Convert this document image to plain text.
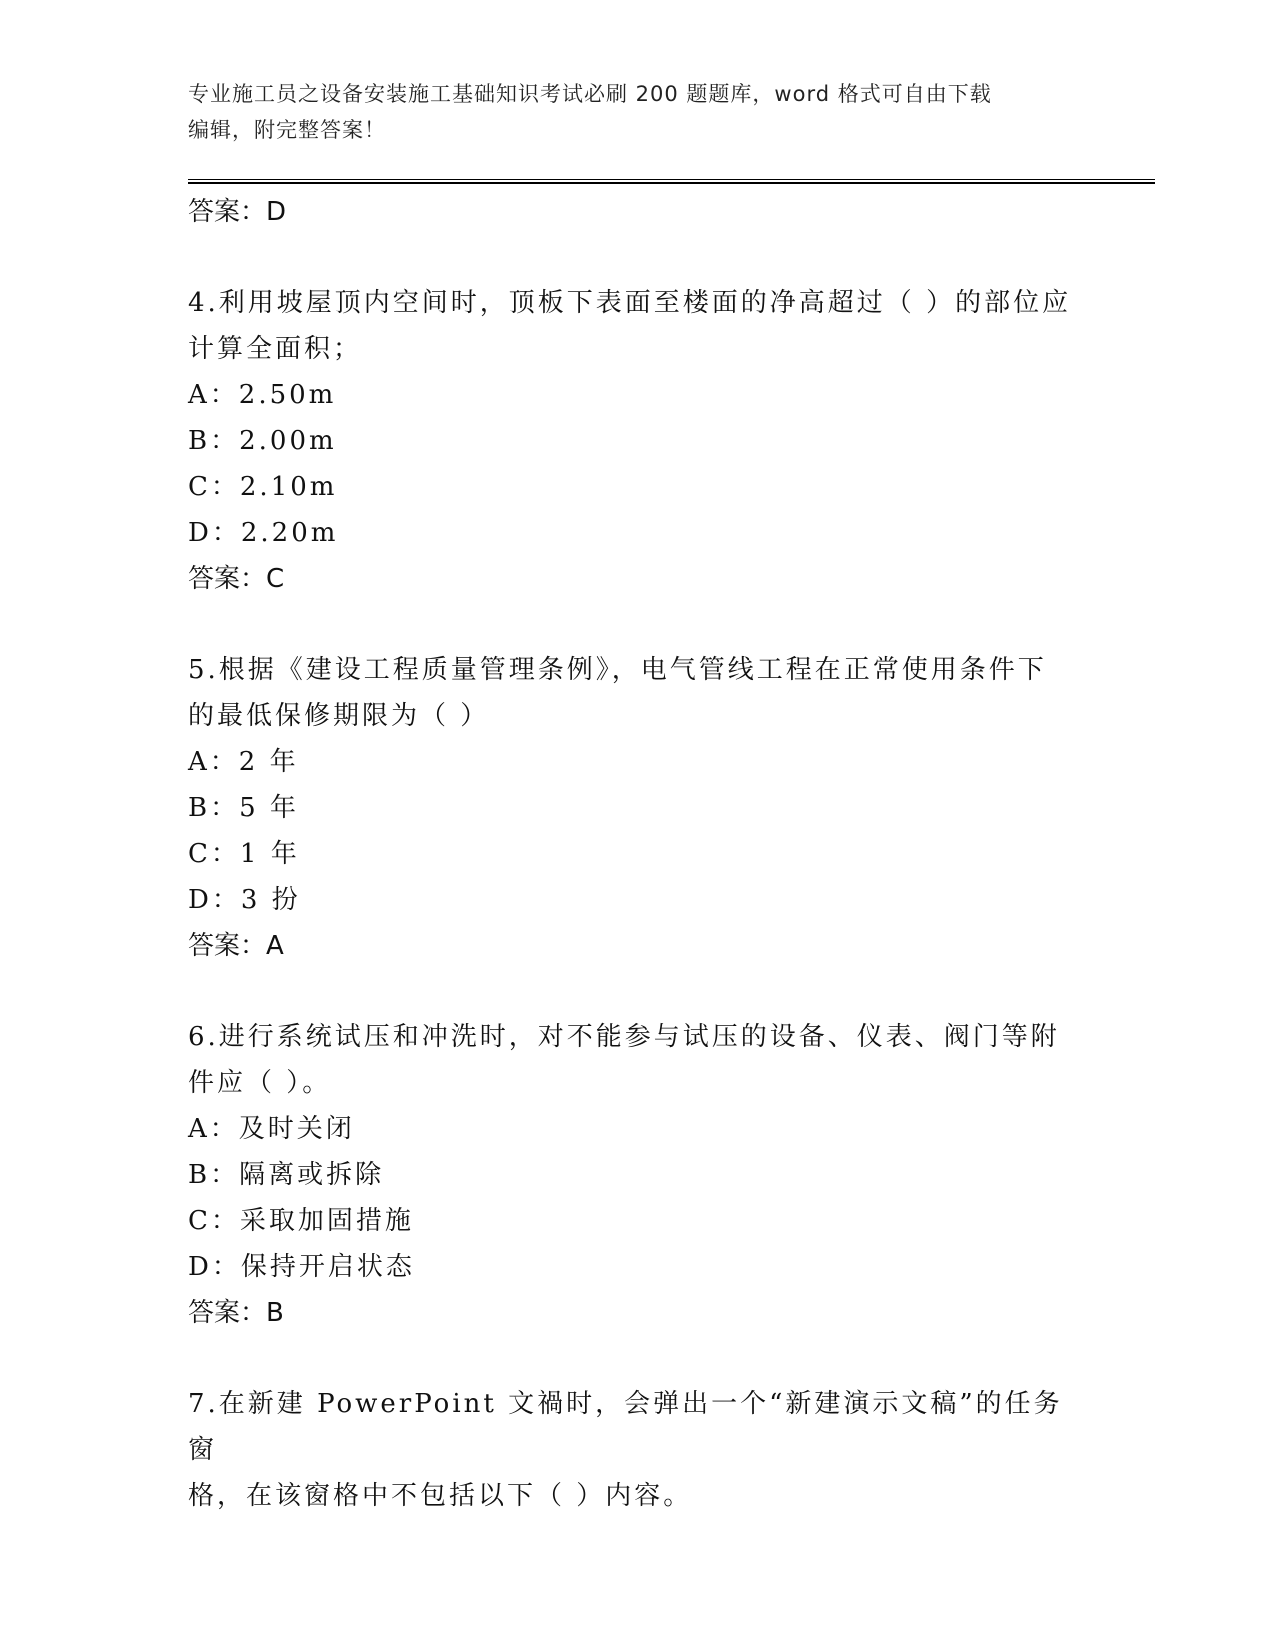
专业施工员之设备安装施工基础知识考试必刷 200 题题库，word 格式可自由下载
编辑，附完整答案！

答案：D

4.利用坡屋顶内空间时，顶板下表面至楼面的净高超过（ ）的部位应

计算全面积；

A：2.50m

B：2.00m

C：2.10m

D：2.20m

答案：C

5.根据《建设工程质量管理条例》，电气管线工程在正常使用条件下

的最低保修期限为（ ）

A：2 年

B：5 年

C：1 年

D：3 扮

答案：A

6.进行系统试压和冲洗时，对不能参与试压的设备、仪表、阀门等附

件应（ ）。

A：及时关闭

B：隔离或拆除

C：采取加固措施

D：保持开启状态

答案：B

7.在新建 PowerPoint 文禍时，会弹出一个“新建演示文稿”的任务窗

格，在该窗格中不包括以下（ ）内容。
